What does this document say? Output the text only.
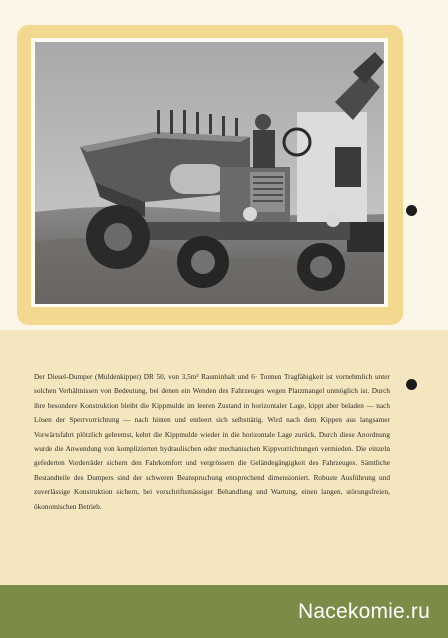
Der Diesel-Dumper (Muldenkipper) DR 50, von 3,5m³ Rauminhalt und 6· Tonnen Tragfähigkeit ist vornehmlich unter solchen Verhältnissen von Bedeutung, bei denen ein Wenden des Fahrzeuges wegen Platzmangel unmöglich ist. Durch ihre besondere Konstruktion bleibt die Kippmulde im leeren Zustand in horizontaler Lage, kippt aber beladen — nach Lösen der Sperrvorrichtung — nach hinten und entleert sich selbsttätig. Wird nach dem Kippen aus langsamer Vorwärtsfahrt plötzlich gebremst, kehrt die Kippmulde wieder in die horizontale Lage zurück. Durch diese Anordnung wurde die Anwendung von komplizierten hydraulischen oder mechanischen Kippvorrichtungen vermieden. Die einzeln gefederten Vorderräder sichern den Fahrkomfort und vergrössern die Geländegängigkeit des Fahrzeuges. Sämtliche Bestandteile des Dumpers sind der schweren Beanspruchung entsprechend dimensioniert. Robuste Ausführung und zuverlässige Konstruktion sichern, bei vorschriftsmässiger Behandlung und Wartung, einen langen, störungsfreien, ökonomischen Betrieb.
Nacekomie.ru
